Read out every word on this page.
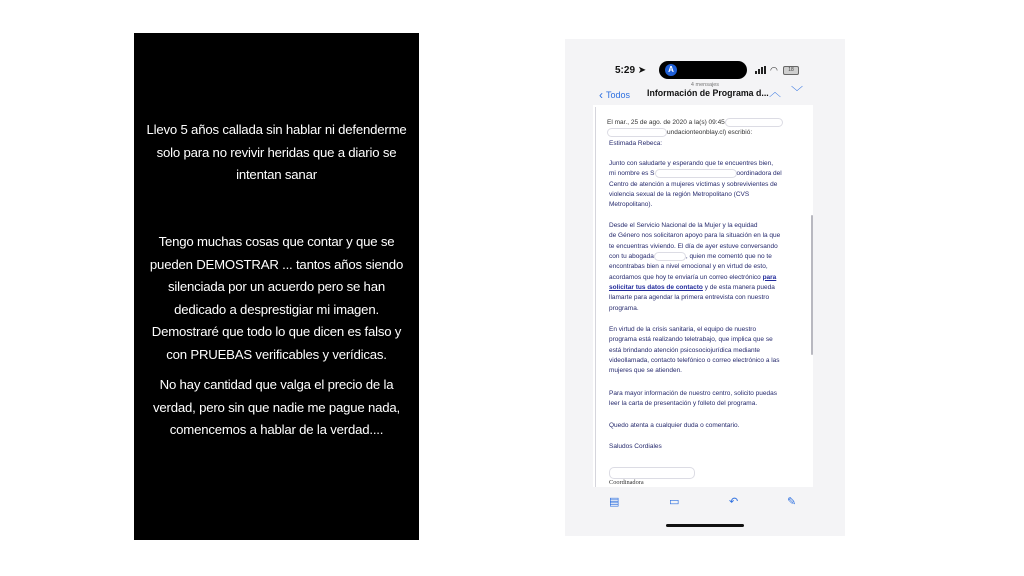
Llevo 5 años callada sin hablar ni defenderme
solo para no revivir heridas que a diario se
intentan sanar

Tengo muchas cosas que contar y que se
pueden DEMOSTRAR ... tantos años siendo
silenciada por un acuerdo pero se han
dedicado a desprestigiar mi imagen.
Demostraré que todo lo que dicen es falso y
con PRUEBAS verificables y verídicas.

No hay cantidad que valga el precio de la
verdad, pero sin que nadie me pague nada,
comencemos a hablar de la verdad....

5:29 ➤	A	◠	18
4 mensajes
‹ Todos Información de Programa d... ︿ ﹀
El mar., 25 de ago. de 2020 a la(s) 09:45
undacionteonblay.cl) escribió:
Estimada Rebeca:

Junto con saludarte y esperando que te encuentres bien,
mi nombre es S	oordinadora del
Centro de atención a mujeres víctimas y sobrevivientes de
violencia sexual de la región Metropolitano (CVS
Metropolitano).

Desde el Servicio Nacional de la Mujer y la equidad
de Género nos solicitaron apoyo para la situación en la que
te encuentras viviendo. El día de ayer estuve conversando
con tu abogada	, quien me comentó que no te
encontrabas bien a nivel emocional y en virtud de esto,
acordamos que hoy te enviaría un correo electrónico para
solicitar tus datos de contacto y de esta manera pueda
llamarte para agendar la primera entrevista con nuestro
programa.

En virtud de la crisis sanitaria, el equipo de nuestro
programa está realizando teletrabajo, que implica que se
está brindando atención psicosociojurídica mediante
videollamada, contacto telefónico o correo electrónico a las
mujeres que se atienden.

Para mayor información de nuestro centro, solicito puedas
leer la carta de presentación y folleto del programa.

Quedo atenta a cualquier duda o comentario.

Saludos Cordiales

Coordinadora
▤	▭	↶	✎
